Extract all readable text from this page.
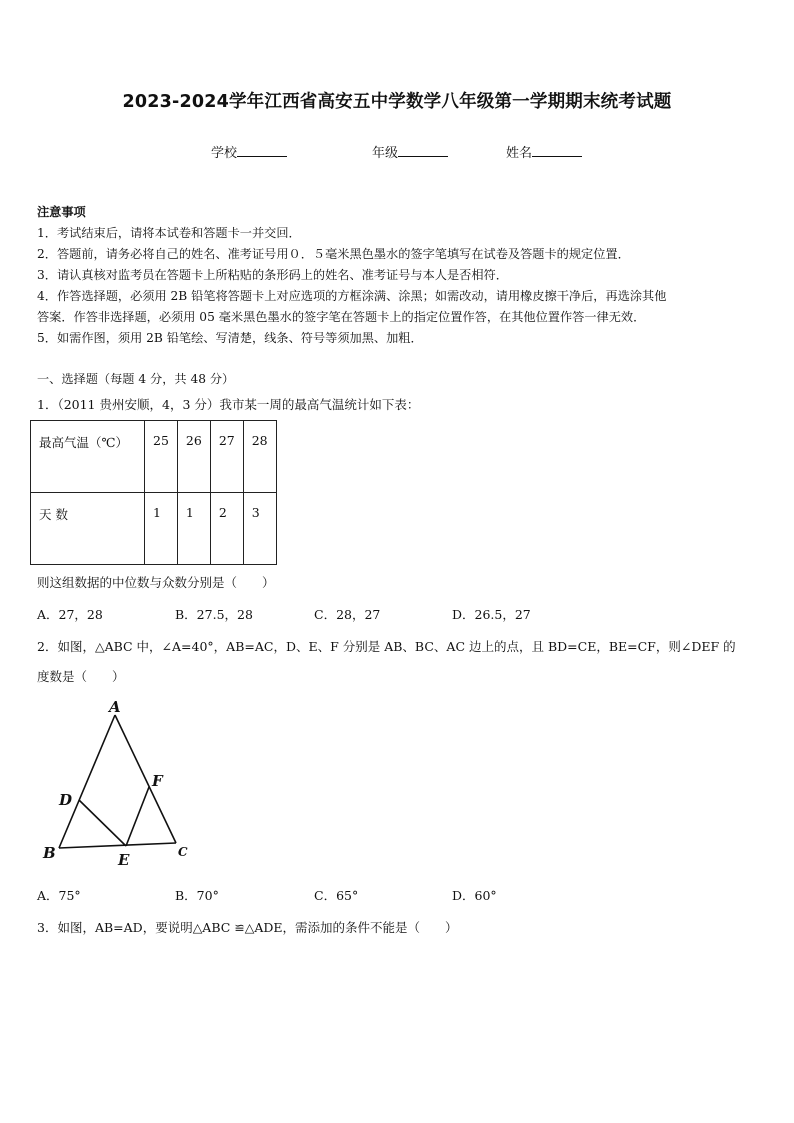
2023-2024学年江西省高安五中学数学八年级第一学期期末统考试题
学校	年级	姓名
注意事项
1．考试结束后，请将本试卷和答题卡一并交回．
2．答题前，请务必将自己的姓名、准考证号用０．５毫米黑色墨水的签字笔填写在试卷及答题卡的规定位置．
3．请认真核对监考员在答题卡上所粘贴的条形码上的姓名、准考证号与本人是否相符．
4．作答选择题，必须用 2B 铅笔将答题卡上对应选项的方框涂满、涂黑；如需改动，请用橡皮擦干净后，再选涂其他
答案．作答非选择题，必须用 05 毫米黑色墨水的签字笔在答题卡上的指定位置作答，在其他位置作答一律无效．
5．如需作图，须用 2B 铅笔绘、写清楚，线条、符号等须加黑、加粗．
一、选择题（每题 4 分，共 48 分）
1．（2011 贵州安顺，4，3 分）我市某一周的最高气温统计如下表：
最高气温（℃）	25	26	27	28

天 数	1	1	2	3
则这组数据的中位数与众数分别是（　　）
A．27，28	B．27.5，28	C．28，27	D．26.5，27
2．如图，△ABC 中，∠A=40°，AB=AC，D、E、F 分别是 AB、BC、AC 边上的点，且 BD=CE，BE=CF，则∠DEF 的
度数是（　　）
A
B	C
D
E
F
A．75°	B．70°	C．65°	D．60°
3．如图，AB=AD，要说明△ABC ≌△ADE，需添加的条件不能是（　　）
